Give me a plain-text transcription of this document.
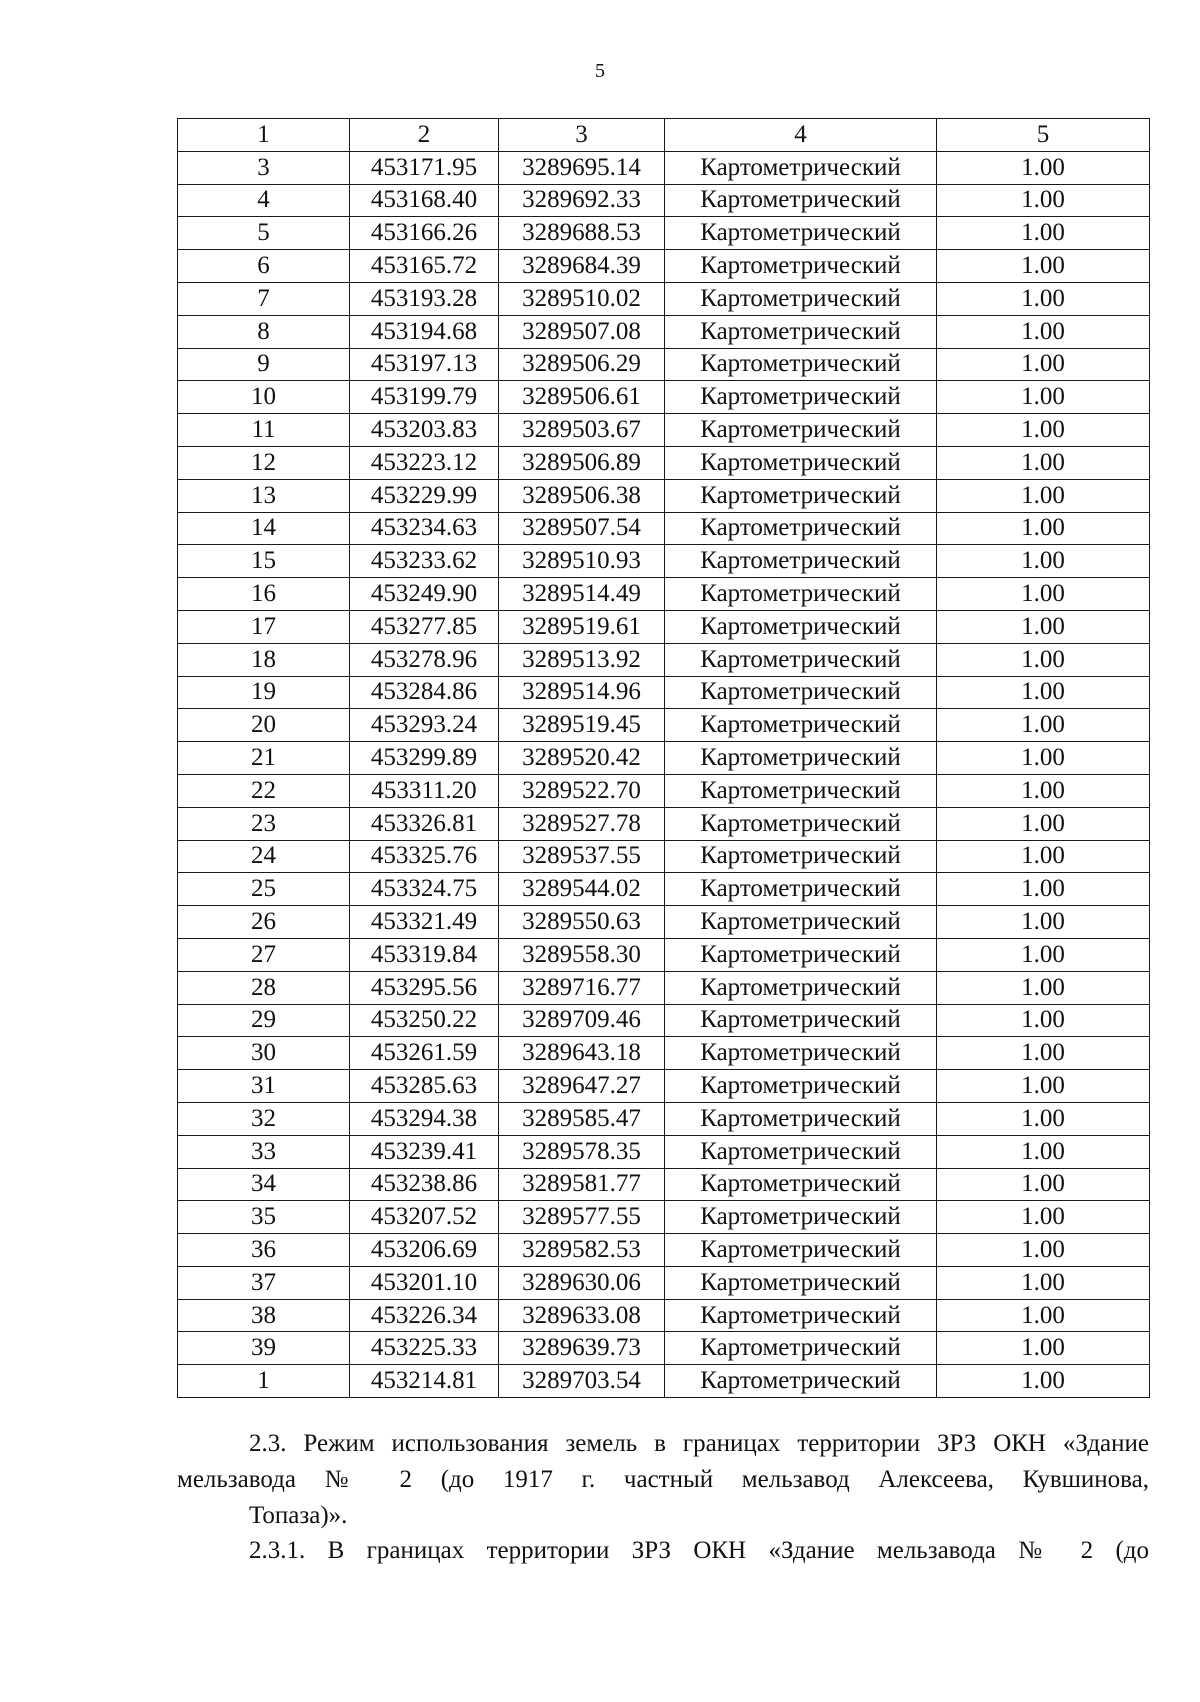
5
1	2	3	4	5
3	453171.95	3289695.14	Картометрический	1.00
4	453168.40	3289692.33	Картометрический	1.00
5	453166.26	3289688.53	Картометрический	1.00
6	453165.72	3289684.39	Картометрический	1.00
7	453193.28	3289510.02	Картометрический	1.00
8	453194.68	3289507.08	Картометрический	1.00
9	453197.13	3289506.29	Картометрический	1.00
10	453199.79	3289506.61	Картометрический	1.00
11	453203.83	3289503.67	Картометрический	1.00
12	453223.12	3289506.89	Картометрический	1.00
13	453229.99	3289506.38	Картометрический	1.00
14	453234.63	3289507.54	Картометрический	1.00
15	453233.62	3289510.93	Картометрический	1.00
16	453249.90	3289514.49	Картометрический	1.00
17	453277.85	3289519.61	Картометрический	1.00
18	453278.96	3289513.92	Картометрический	1.00
19	453284.86	3289514.96	Картометрический	1.00
20	453293.24	3289519.45	Картометрический	1.00
21	453299.89	3289520.42	Картометрический	1.00
22	453311.20	3289522.70	Картометрический	1.00
23	453326.81	3289527.78	Картометрический	1.00
24	453325.76	3289537.55	Картометрический	1.00
25	453324.75	3289544.02	Картометрический	1.00
26	453321.49	3289550.63	Картометрический	1.00
27	453319.84	3289558.30	Картометрический	1.00
28	453295.56	3289716.77	Картометрический	1.00
29	453250.22	3289709.46	Картометрический	1.00
30	453261.59	3289643.18	Картометрический	1.00
31	453285.63	3289647.27	Картометрический	1.00
32	453294.38	3289585.47	Картометрический	1.00
33	453239.41	3289578.35	Картометрический	1.00
34	453238.86	3289581.77	Картометрический	1.00
35	453207.52	3289577.55	Картометрический	1.00
36	453206.69	3289582.53	Картометрический	1.00
37	453201.10	3289630.06	Картометрический	1.00
38	453226.34	3289633.08	Картометрический	1.00
39	453225.33	3289639.73	Картометрический	1.00
1	453214.81	3289703.54	Картометрический	1.00
2.3. Режим использования земель в границах территории ЗРЗ ОКН «Здание мельзавода № 2 (до 1917 г. частный мельзавод Алексеева, Кувшинова,
Топаза)».
2.3.1. В границах территории ЗРЗ ОКН «Здание мельзавода № 2 (до
